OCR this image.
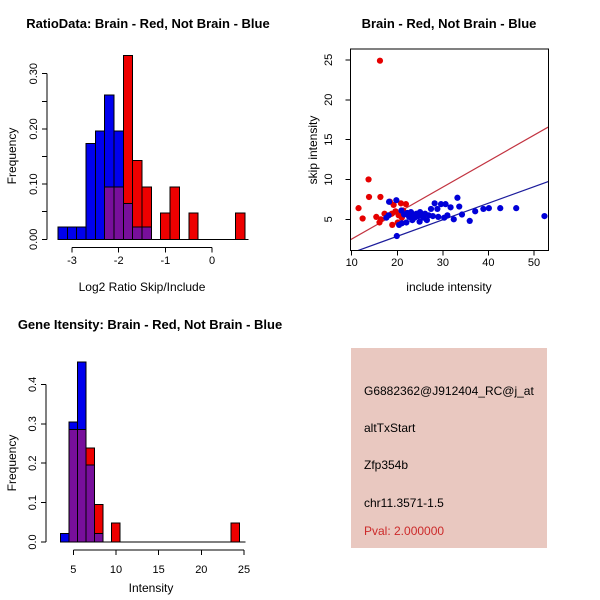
0.00
0.10
0.20
0.30
-3	-2	-1	0
RatioData: Brain - Red, Not Brain - Blue
Log2 Ratio Skip/Include
Frequency
10	20	30	40	50
5
10
15
20
25
Brain - Red, Not Brain - Blue
include intensity
skip intensity
0.0
0.1
0.2
0.3
0.4
5	10	15	20	25
Gene Itensity: Brain - Red, Not Brain - Blue
Intensity
Frequency
G6882362@J912404_RC@j_at
altTxStart
Zfp354b
chr11.3571-1.5
Pval: 2.000000
